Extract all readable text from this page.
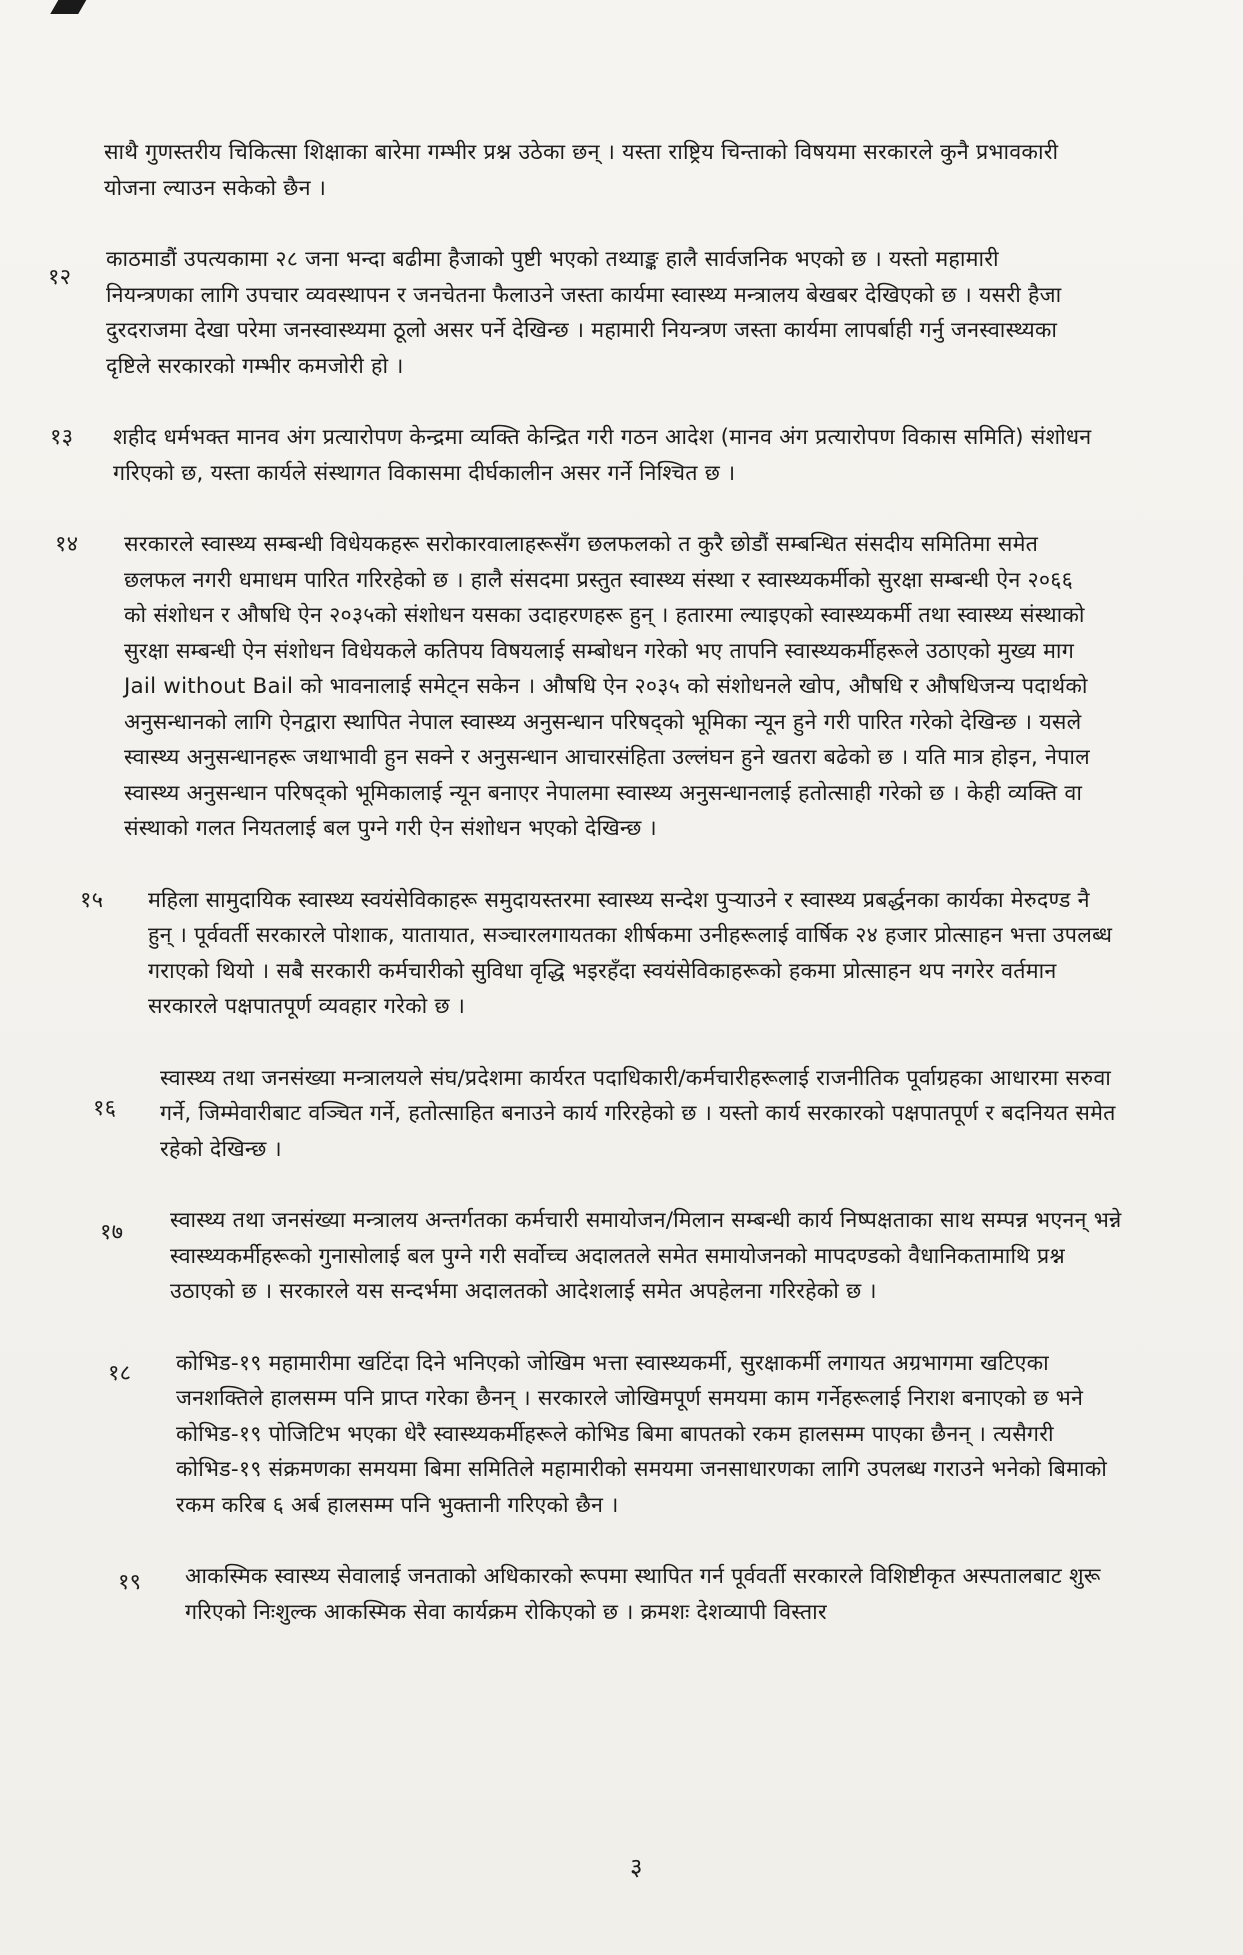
साथै गुणस्तरीय चिकित्सा शिक्षाका बारेमा गम्भीर प्रश्न उठेका छन् । यस्ता राष्ट्रिय चिन्ताको विषयमा सरकारले कुनै प्रभावकारी योजना ल्याउन सकेको छैन ।

१२
काठमाडौं उपत्यकामा २८ जना भन्दा बढीमा हैजाको पुष्टी भएको तथ्याङ्क हालै सार्वजनिक भएको छ । यस्तो महामारी नियन्त्रणका लागि उपचार व्यवस्थापन र जनचेतना फैलाउने जस्ता कार्यमा स्वास्थ्य मन्त्रालय बेखबर देखिएको छ । यसरी हैजा दुरदराजमा देखा परेमा जनस्वास्थ्यमा ठूलो असर पर्ने देखिन्छ । महामारी नियन्त्रण जस्ता कार्यमा लापर्बाही गर्नु जनस्वास्थ्यका दृष्टिले सरकारको गम्भीर कमजोरी हो ।
१३ शहीद धर्मभक्त मानव अंग प्रत्यारोपण केन्द्रमा व्यक्ति केन्द्रित गरी गठन आदेश (मानव अंग प्रत्यारोपण विकास समिति) संशोधन गरिएको छ, यस्ता कार्यले संस्थागत विकासमा दीर्घकालीन असर गर्ने निश्चित छ ।
१४ सरकारले स्वास्थ्य सम्बन्धी विधेयकहरू सरोकारवालाहरूसँग छलफलको त कुरै छोडौं सम्बन्धित संसदीय समितिमा समेत छलफल नगरी धमाधम पारित गरिरहेको छ । हालै संसदमा प्रस्तुत स्वास्थ्य संस्था र स्वास्थ्यकर्मीको सुरक्षा सम्बन्धी ऐन २०६६ को संशोधन र औषधि ऐन २०३५को संशोधन यसका उदाहरणहरू हुन् । हतारमा ल्याइएको स्वास्थ्यकर्मी तथा स्वास्थ्य संस्थाको सुरक्षा सम्बन्धी ऐन संशोधन विधेयकले कतिपय विषयलाई सम्बोधन गरेको भए तापनि स्वास्थ्यकर्मीहरूले उठाएको मुख्य माग Jail without Bail को भावनालाई समेट्न सकेन । औषधि ऐन २०३५ को संशोधनले खोप, औषधि र औषधिजन्य पदार्थको अनुसन्धानको लागि ऐनद्वारा स्थापित नेपाल स्वास्थ्य अनुसन्धान परिषद्को भूमिका न्यून हुने गरी पारित गरेको देखिन्छ । यसले स्वास्थ्य अनुसन्धानहरू जथाभावी हुन सक्ने र अनुसन्धान आचारसंहिता उल्लंघन हुने खतरा बढेको छ । यति मात्र होइन, नेपाल स्वास्थ्य अनुसन्धान परिषद्को भूमिकालाई न्यून बनाएर नेपालमा स्वास्थ्य अनुसन्धानलाई हतोत्साही गरेको छ । केही व्यक्ति वा संस्थाको गलत नियतलाई बल पुग्ने गरी ऐन संशोधन भएको देखिन्छ ।
१५ महिला सामुदायिक स्वास्थ्य स्वयंसेविकाहरू समुदायस्तरमा स्वास्थ्य सन्देश पुऱ्याउने र स्वास्थ्य प्रबर्द्धनका कार्यका मेरुदण्ड नै हुन् । पूर्ववर्ती सरकारले पोशाक, यातायात, सञ्चारलगायतका शीर्षकमा उनीहरूलाई वार्षिक २४ हजार प्रोत्साहन भत्ता उपलब्ध गराएको थियो । सबै सरकारी कर्मचारीको सुविधा वृद्धि भइरहँदा स्वयंसेविकाहरूको हकमा प्रोत्साहन थप नगरेर वर्तमान सरकारले पक्षपातपूर्ण व्यवहार गरेको छ ।
१६
स्वास्थ्य तथा जनसंख्या मन्त्रालयले संघ/प्रदेशमा कार्यरत पदाधिकारी/कर्मचारीहरूलाई राजनीतिक पूर्वाग्रहका आधारमा सरुवा गर्ने, जिम्मेवारीबाट वञ्चित गर्ने, हतोत्साहित बनाउने कार्य गरिरहेको छ । यस्तो कार्य सरकारको पक्षपातपूर्ण र बदनियत समेत रहेको देखिन्छ ।
१७ स्वास्थ्य तथा जनसंख्या मन्त्रालय अन्तर्गतका कर्मचारी समायोजन/मिलान सम्बन्धी कार्य निष्पक्षताका साथ सम्पन्न भएनन् भन्ने स्वास्थ्यकर्मीहरूको गुनासोलाई बल पुग्ने गरी सर्वोच्च अदालतले समेत समायोजनको मापदण्डको वैधानिकतामाथि प्रश्न उठाएको छ । सरकारले यस सन्दर्भमा अदालतको आदेशलाई समेत अपहेलना गरिरहेको छ ।
१८ कोभिड-१९ महामारीमा खटिंदा दिने भनिएको जोखिम भत्ता स्वास्थ्यकर्मी, सुरक्षाकर्मी लगायत अग्रभागमा खटिएका जनशक्तिले हालसम्म पनि प्राप्त गरेका छैनन् । सरकारले जोखिमपूर्ण समयमा काम गर्नेहरूलाई निराश बनाएको छ भने कोभिड-१९ पोजिटिभ भएका धेरै स्वास्थ्यकर्मीहरूले कोभिड बिमा बापतको रकम हालसम्म पाएका छैनन् । त्यसैगरी कोभिड-१९ संक्रमणका समयमा बिमा समितिले महामारीको समयमा जनसाधारणका लागि उपलब्ध गराउने भनेको बिमाको रकम करिब ६ अर्ब हालसम्म पनि भुक्तानी गरिएको छैन ।
१९ आकस्मिक स्वास्थ्य सेवालाई जनताको अधिकारको रूपमा स्थापित गर्न पूर्ववर्ती सरकारले विशिष्टीकृत अस्पतालबाट शुरू गरिएको निःशुल्क आकस्मिक सेवा कार्यक्रम रोकिएको छ । क्रमशः देशव्यापी विस्तार
३
